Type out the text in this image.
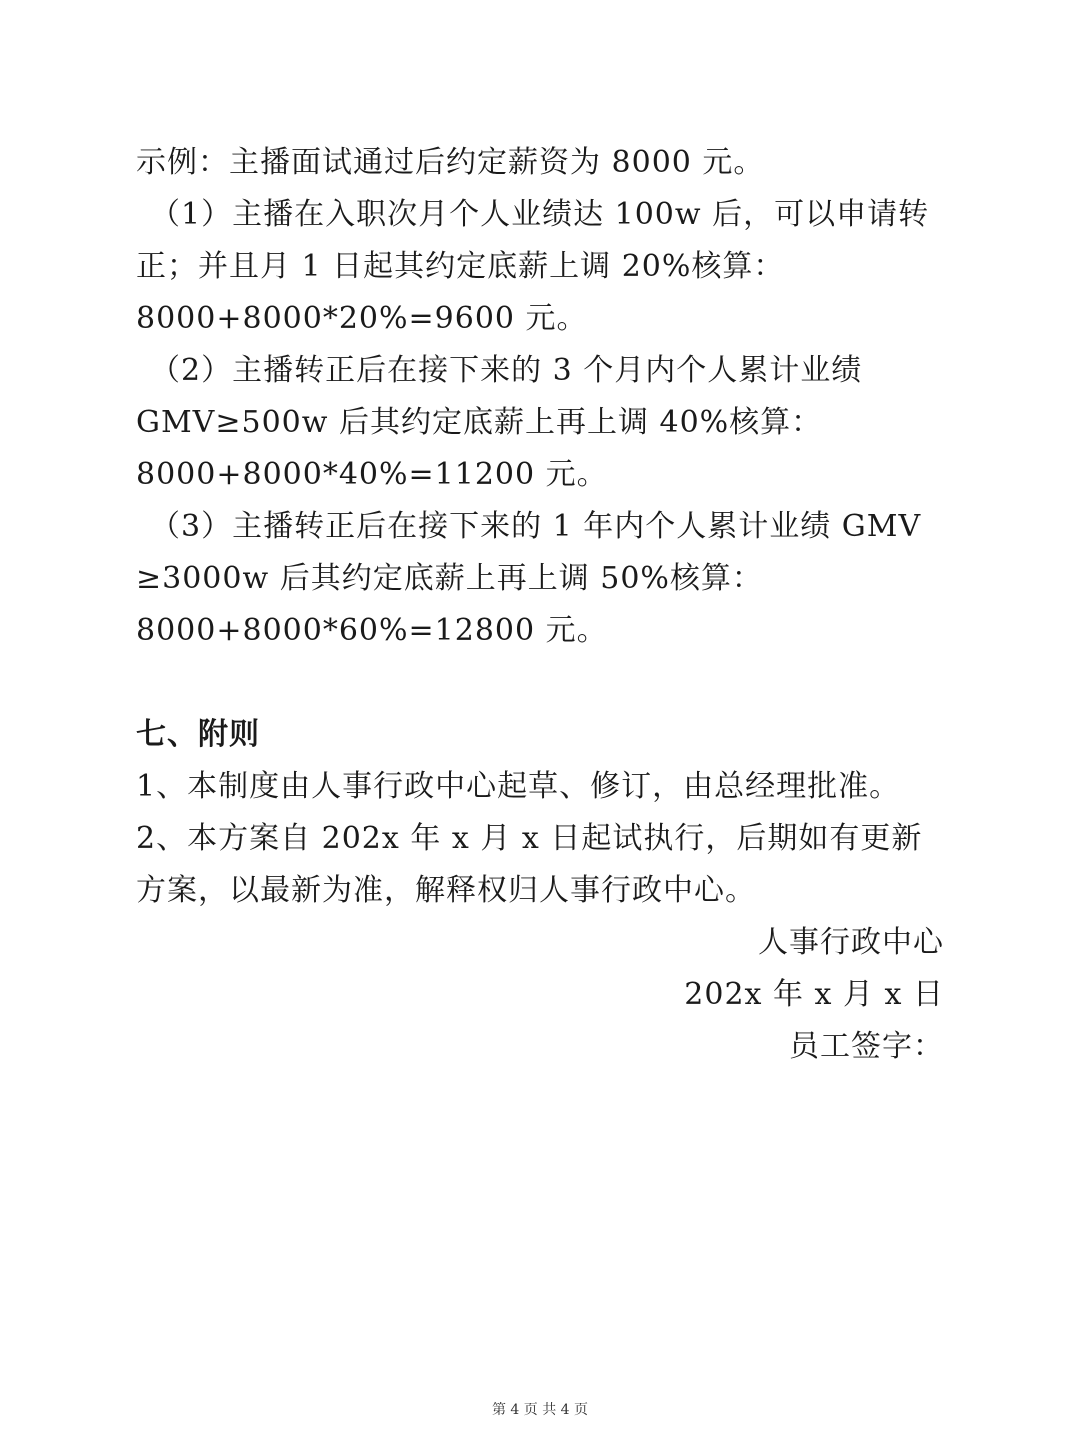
示例：主播面试通过后约定薪资为 8000 元。
（1）主播在入职次月个人业绩达 100w 后，可以申请转
正；并且月 1 日起其约定底薪上调 20%核算：
8000+8000*20%=9600 元。
（2）主播转正后在接下来的 3 个月内个人累计业绩
GMV≥500w 后其约定底薪上再上调 40%核算：
8000+8000*40%=11200 元。
（3）主播转正后在接下来的 1 年内个人累计业绩 GMV
≥3000w 后其约定底薪上再上调 50%核算：
8000+8000*60%=12800 元。
七、附则
1、本制度由人事行政中心起草、修订，由总经理批准。
2、本方案自 202x 年 x 月 x 日起试执行，后期如有更新
方案，以最新为准，解释权归人事行政中心。
人事行政中心
202x 年 x 月 x 日
员工签字：
第 4 页 共 4 页
